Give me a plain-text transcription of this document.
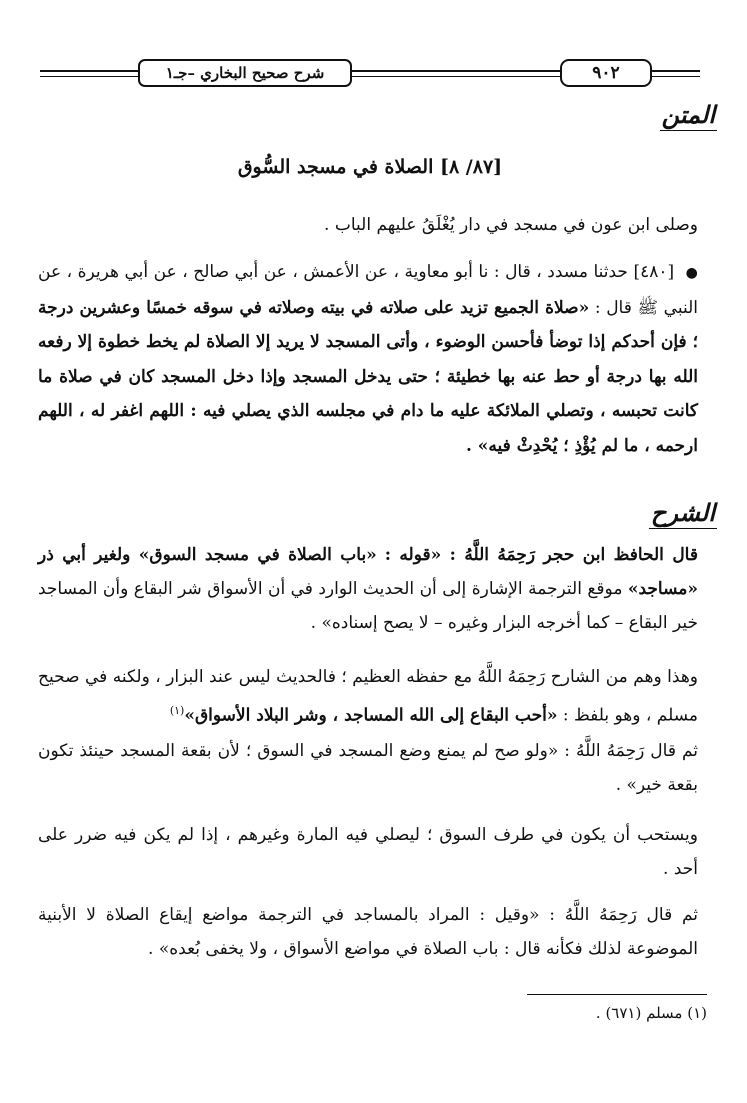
شرح صحيح البخاري –جـ١	٩٠٢
المتن
[٨٧/ ٨] الصلاة في مسجد السُّوق
وصلى ابن عون في مسجد في دار يُغْلَقُ عليهم الباب .
● [٤٨٠] حدثنا مسدد ، قال : نا أبو معاوية ، عن الأعمش ، عن أبي صالح ، عن أبي هريرة ، عن النبي ﷺ قال : «صلاة الجميع تزيد على صلاته في بيته وصلاته في سوقه خمسًا وعشرين درجة ؛ فإن أحدكم إذا توضأ فأحسن الوضوء ، وأتى المسجد لا يريد إلا الصلاة لم يخط خطوة إلا رفعه الله بها درجة أو حط عنه بها خطيئة ؛ حتى يدخل المسجد وإذا دخل المسجد كان في صلاة ما كانت تحبسه ، وتصلي الملائكة عليه ما دام في مجلسه الذي يصلي فيه : اللهم اغفر له ، اللهم ارحمه ، ما لم يُؤْذِ ؛ يُحْدِثْ فيه» .
الشرح
قال الحافظ ابن حجر رَحِمَهُ اللَّهُ : «قوله : «باب الصلاة في مسجد السوق» ولغير أبي ذر «مساجد» موقع الترجمة الإشارة إلى أن الحديث الوارد في أن الأسواق شر البقاع وأن المساجد خير البقاع – كما أخرجه البزار وغيره – لا يصح إسناده» .
وهذا وهم من الشارح رَحِمَهُ اللَّهُ مع حفظه العظيم ؛ فالحديث ليس عند البزار ، ولكنه في صحيح مسلم ، وهو بلفظ : «أحب البقاع إلى الله المساجد ، وشر البلاد الأسواق»$^{(١)}$
ثم قال رَحِمَهُ اللَّهُ : «ولو صح لم يمنع وضع المسجد في السوق ؛ لأن بقعة المسجد حينئذ تكون بقعة خير» .
ويستحب أن يكون في طرف السوق ؛ ليصلي فيه المارة وغيرهم ، إذا لم يكن فيه ضرر على أحد .
ثم قال رَحِمَهُ اللَّهُ : «وقيل : المراد بالمساجد في الترجمة مواضع إيقاع الصلاة لا الأبنية الموضوعة لذلك فكأنه قال : باب الصلاة في مواضع الأسواق ، ولا يخفى بُعده» .
(١) مسلم (٦٧١) .
